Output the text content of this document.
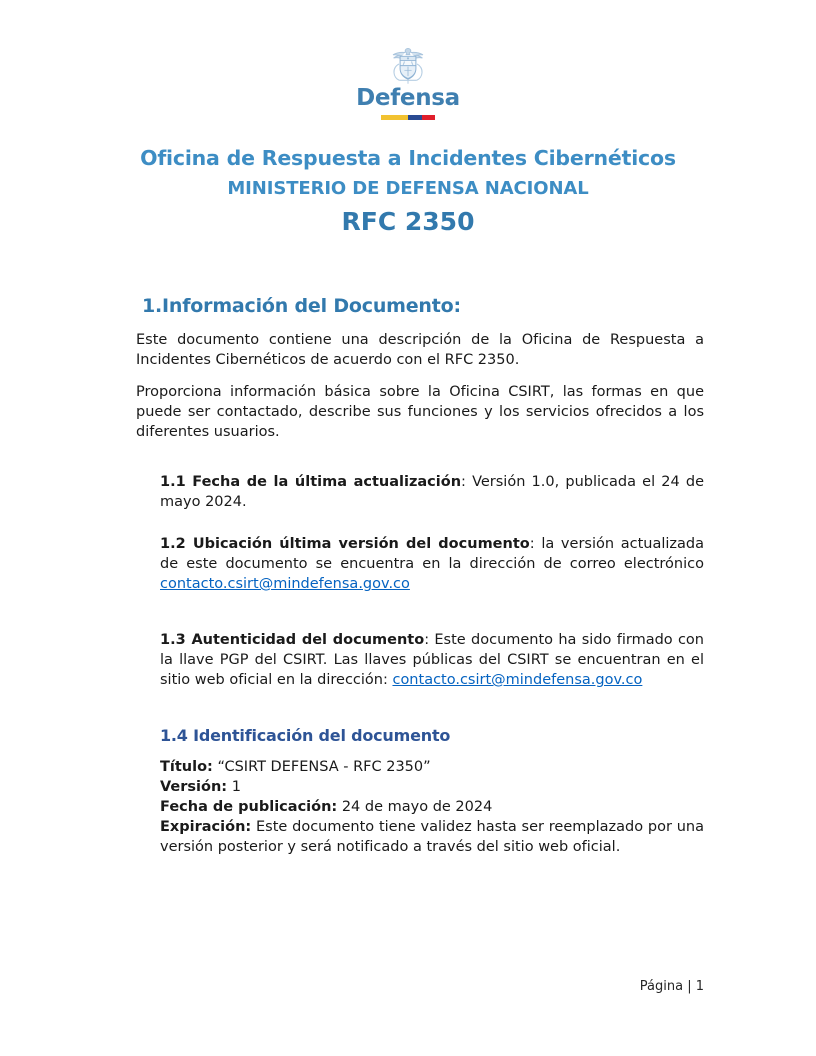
Defensa
Oficina de Respuesta a Incidentes Cibernéticos
MINISTERIO DE DEFENSA NACIONAL
RFC 2350
1.Información del Documento:

Este documento contiene una descripción de la Oficina de Respuesta a Incidentes Cibernéticos de acuerdo con el RFC 2350.

Proporciona información básica sobre la Oficina CSIRT, las formas en que puede ser contactado, describe sus funciones y los servicios ofrecidos a los diferentes usuarios.

1.1 Fecha de la última actualización: Versión 1.0, publicada el 24 de mayo 2024.
1.2 Ubicación última versión del documento: la versión actualizada de este documento se encuentra en la dirección de correo electrónico contacto.csirt@mindefensa.gov.co
1.3 Autenticidad del documento: Este documento ha sido firmado con la llave PGP del CSIRT. Las llaves públicas del CSIRT se encuentran en el sitio web oficial en la dirección: contacto.csirt@mindefensa.gov.co
1.4 Identificación del documento
Título: “CSIRT DEFENSA - RFC 2350”
Versión: 1
Fecha de publicación: 24 de mayo de 2024
Expiración: Este documento tiene validez hasta ser reemplazado por una versión posterior y será notificado a través del sitio web oficial.
Página | 1
